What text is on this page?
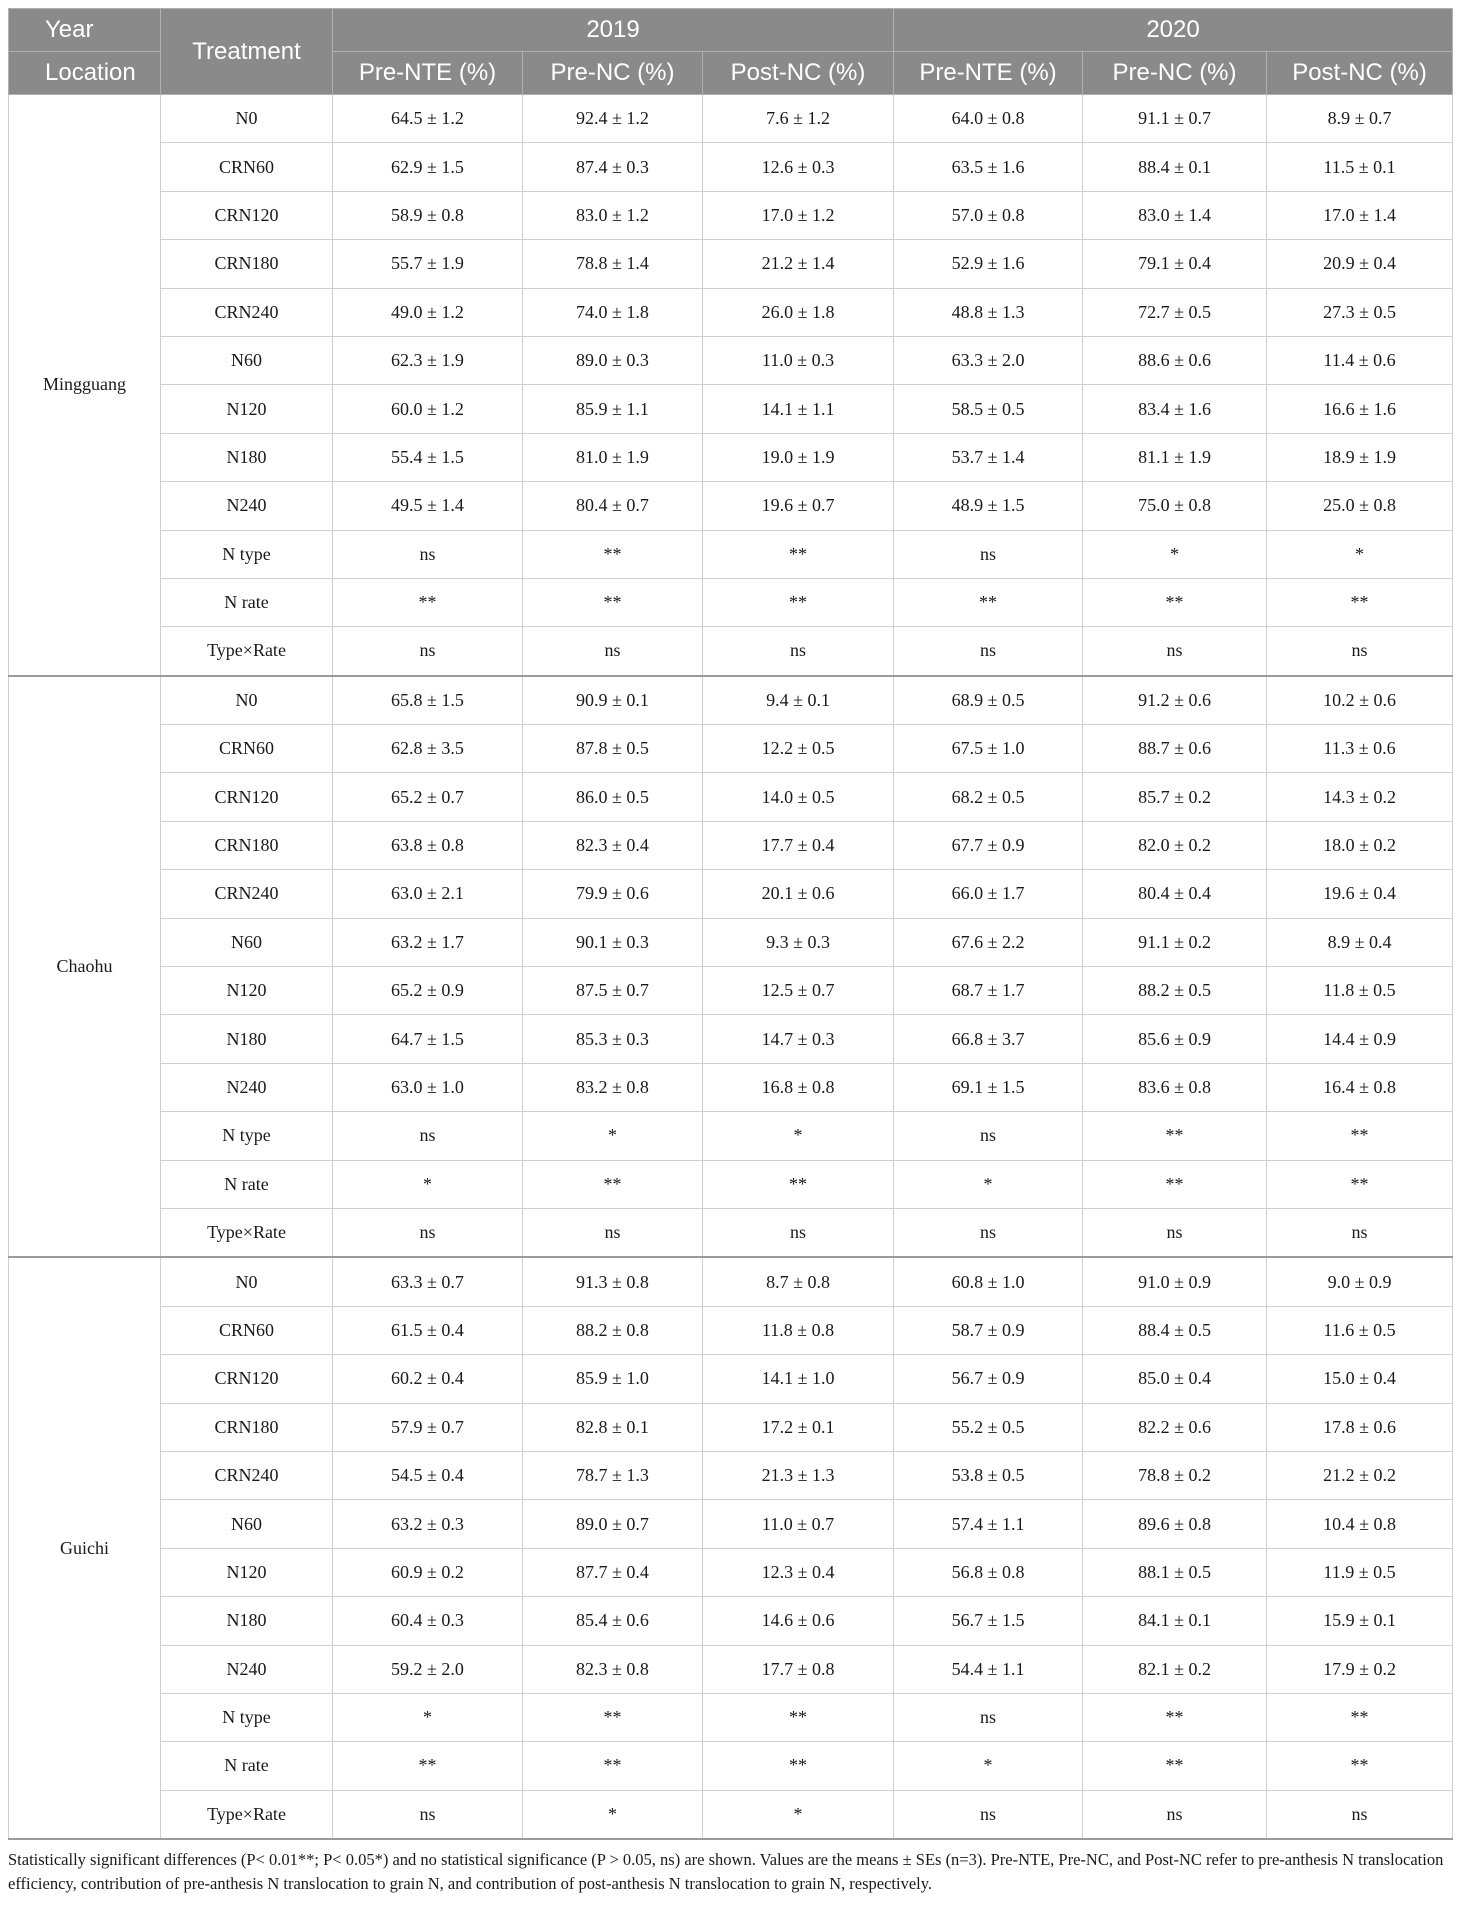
Year	Treatment	2019			2020		
Location		Pre-NTE (%)	Pre-NC (%)	Post-NC (%)	Pre-NTE (%)	Pre-NC (%)	Post-NC (%)
Mingguang	N0	64.5 ± 1.2	92.4 ± 1.2	7.6 ± 1.2	64.0 ± 0.8	91.1 ± 0.7	8.9 ± 0.7
	CRN60	62.9 ± 1.5	87.4 ± 0.3	12.6 ± 0.3	63.5 ± 1.6	88.4 ± 0.1	11.5 ± 0.1
	CRN120	58.9 ± 0.8	83.0 ± 1.2	17.0 ± 1.2	57.0 ± 0.8	83.0 ± 1.4	17.0 ± 1.4
	CRN180	55.7 ± 1.9	78.8 ± 1.4	21.2 ± 1.4	52.9 ± 1.6	79.1 ± 0.4	20.9 ± 0.4
	CRN240	49.0 ± 1.2	74.0 ± 1.8	26.0 ± 1.8	48.8 ± 1.3	72.7 ± 0.5	27.3 ± 0.5
	N60	62.3 ± 1.9	89.0 ± 0.3	11.0 ± 0.3	63.3 ± 2.0	88.6 ± 0.6	11.4 ± 0.6
	N120	60.0 ± 1.2	85.9 ± 1.1	14.1 ± 1.1	58.5 ± 0.5	83.4 ± 1.6	16.6 ± 1.6
	N180	55.4 ± 1.5	81.0 ± 1.9	19.0 ± 1.9	53.7 ± 1.4	81.1 ± 1.9	18.9 ± 1.9
	N240	49.5 ± 1.4	80.4 ± 0.7	19.6 ± 0.7	48.9 ± 1.5	75.0 ± 0.8	25.0 ± 0.8
	N type	ns	**	**	ns	*	*
	N rate	**	**	**	**	**	**
	Type×Rate	ns	ns	ns	ns	ns	ns
Chaohu	N0	65.8 ± 1.5	90.9 ± 0.1	9.4 ± 0.1	68.9 ± 0.5	91.2 ± 0.6	10.2 ± 0.6
	CRN60	62.8 ± 3.5	87.8 ± 0.5	12.2 ± 0.5	67.5 ± 1.0	88.7 ± 0.6	11.3 ± 0.6
	CRN120	65.2 ± 0.7	86.0 ± 0.5	14.0 ± 0.5	68.2 ± 0.5	85.7 ± 0.2	14.3 ± 0.2
	CRN180	63.8 ± 0.8	82.3 ± 0.4	17.7 ± 0.4	67.7 ± 0.9	82.0 ± 0.2	18.0 ± 0.2
	CRN240	63.0 ± 2.1	79.9 ± 0.6	20.1 ± 0.6	66.0 ± 1.7	80.4 ± 0.4	19.6 ± 0.4
	N60	63.2 ± 1.7	90.1 ± 0.3	9.3 ± 0.3	67.6 ± 2.2	91.1 ± 0.2	8.9 ± 0.4
	N120	65.2 ± 0.9	87.5 ± 0.7	12.5 ± 0.7	68.7 ± 1.7	88.2 ± 0.5	11.8 ± 0.5
	N180	64.7 ± 1.5	85.3 ± 0.3	14.7 ± 0.3	66.8 ± 3.7	85.6 ± 0.9	14.4 ± 0.9
	N240	63.0 ± 1.0	83.2 ± 0.8	16.8 ± 0.8	69.1 ± 1.5	83.6 ± 0.8	16.4 ± 0.8
	N type	ns	*	*	ns	**	**
	N rate	*	**	**	*	**	**
	Type×Rate	ns	ns	ns	ns	ns	ns
Guichi	N0	63.3 ± 0.7	91.3 ± 0.8	8.7 ± 0.8	60.8 ± 1.0	91.0 ± 0.9	9.0 ± 0.9
	CRN60	61.5 ± 0.4	88.2 ± 0.8	11.8 ± 0.8	58.7 ± 0.9	88.4 ± 0.5	11.6 ± 0.5
	CRN120	60.2 ± 0.4	85.9 ± 1.0	14.1 ± 1.0	56.7 ± 0.9	85.0 ± 0.4	15.0 ± 0.4
	CRN180	57.9 ± 0.7	82.8 ± 0.1	17.2 ± 0.1	55.2 ± 0.5	82.2 ± 0.6	17.8 ± 0.6
	CRN240	54.5 ± 0.4	78.7 ± 1.3	21.3 ± 1.3	53.8 ± 0.5	78.8 ± 0.2	21.2 ± 0.2
	N60	63.2 ± 0.3	89.0 ± 0.7	11.0 ± 0.7	57.4 ± 1.1	89.6 ± 0.8	10.4 ± 0.8
	N120	60.9 ± 0.2	87.7 ± 0.4	12.3 ± 0.4	56.8 ± 0.8	88.1 ± 0.5	11.9 ± 0.5
	N180	60.4 ± 0.3	85.4 ± 0.6	14.6 ± 0.6	56.7 ± 1.5	84.1 ± 0.1	15.9 ± 0.1
	N240	59.2 ± 2.0	82.3 ± 0.8	17.7 ± 0.8	54.4 ± 1.1	82.1 ± 0.2	17.9 ± 0.2
	N type	*	**	**	ns	**	**
	N rate	**	**	**	*	**	**
	Type×Rate	ns	*	*	ns	ns	ns
Statistically significant differences (P< 0.01**; P< 0.05*) and no statistical significance (P > 0.05, ns) are shown. Values are the means ± SEs (n=3). Pre-NTE, Pre-NC, and Post-NC refer to pre-anthesis N translocation efficiency, contribution of pre-anthesis N translocation to grain N, and contribution of post-anthesis N translocation to grain N, respectively.
